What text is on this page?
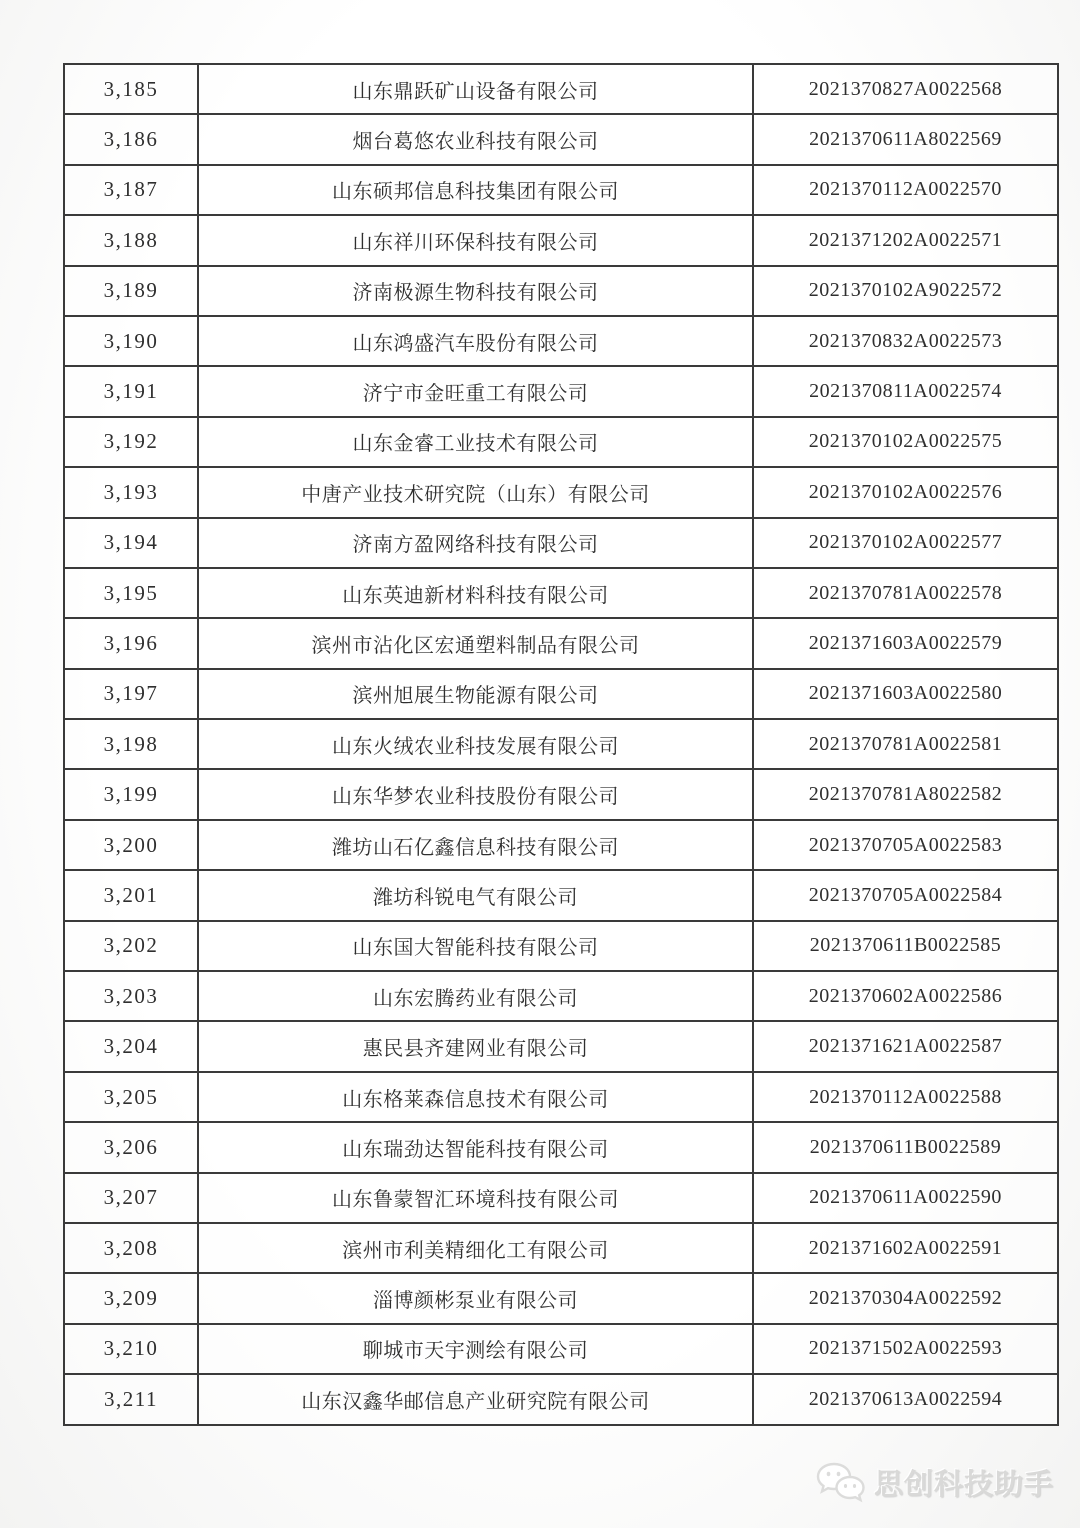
3,185	山东鼎跃矿山设备有限公司	2021370827A0022568
3,186	烟台葛悠农业科技有限公司	2021370611A8022569
3,187	山东硕邦信息科技集团有限公司	2021370112A0022570
3,188	山东祥川环保科技有限公司	2021371202A0022571
3,189	济南极源生物科技有限公司	2021370102A9022572
3,190	山东鸿盛汽车股份有限公司	2021370832A0022573
3,191	济宁市金旺重工有限公司	2021370811A0022574
3,192	山东金睿工业技术有限公司	2021370102A0022575
3,193	中唐产业技术研究院（山东）有限公司	2021370102A0022576
3,194	济南方盈网络科技有限公司	2021370102A0022577
3,195	山东英迪新材料科技有限公司	2021370781A0022578
3,196	滨州市沾化区宏通塑料制品有限公司	2021371603A0022579
3,197	滨州旭展生物能源有限公司	2021371603A0022580
3,198	山东火绒农业科技发展有限公司	2021370781A0022581
3,199	山东华梦农业科技股份有限公司	2021370781A8022582
3,200	潍坊山石亿鑫信息科技有限公司	2021370705A0022583
3,201	潍坊科锐电气有限公司	2021370705A0022584
3,202	山东国大智能科技有限公司	2021370611B0022585
3,203	山东宏腾药业有限公司	2021370602A0022586
3,204	惠民县齐建网业有限公司	2021371621A0022587
3,205	山东格莱森信息技术有限公司	2021370112A0022588
3,206	山东瑞劲达智能科技有限公司	2021370611B0022589
3,207	山东鲁蒙智汇环境科技有限公司	2021370611A0022590
3,208	滨州市利美精细化工有限公司	2021371602A0022591
3,209	淄博颜彬泵业有限公司	2021370304A0022592
3,210	聊城市天宇测绘有限公司	2021371502A0022593
3,211	山东汉鑫华邮信息产业研究院有限公司	2021370613A0022594
思创科技助手
